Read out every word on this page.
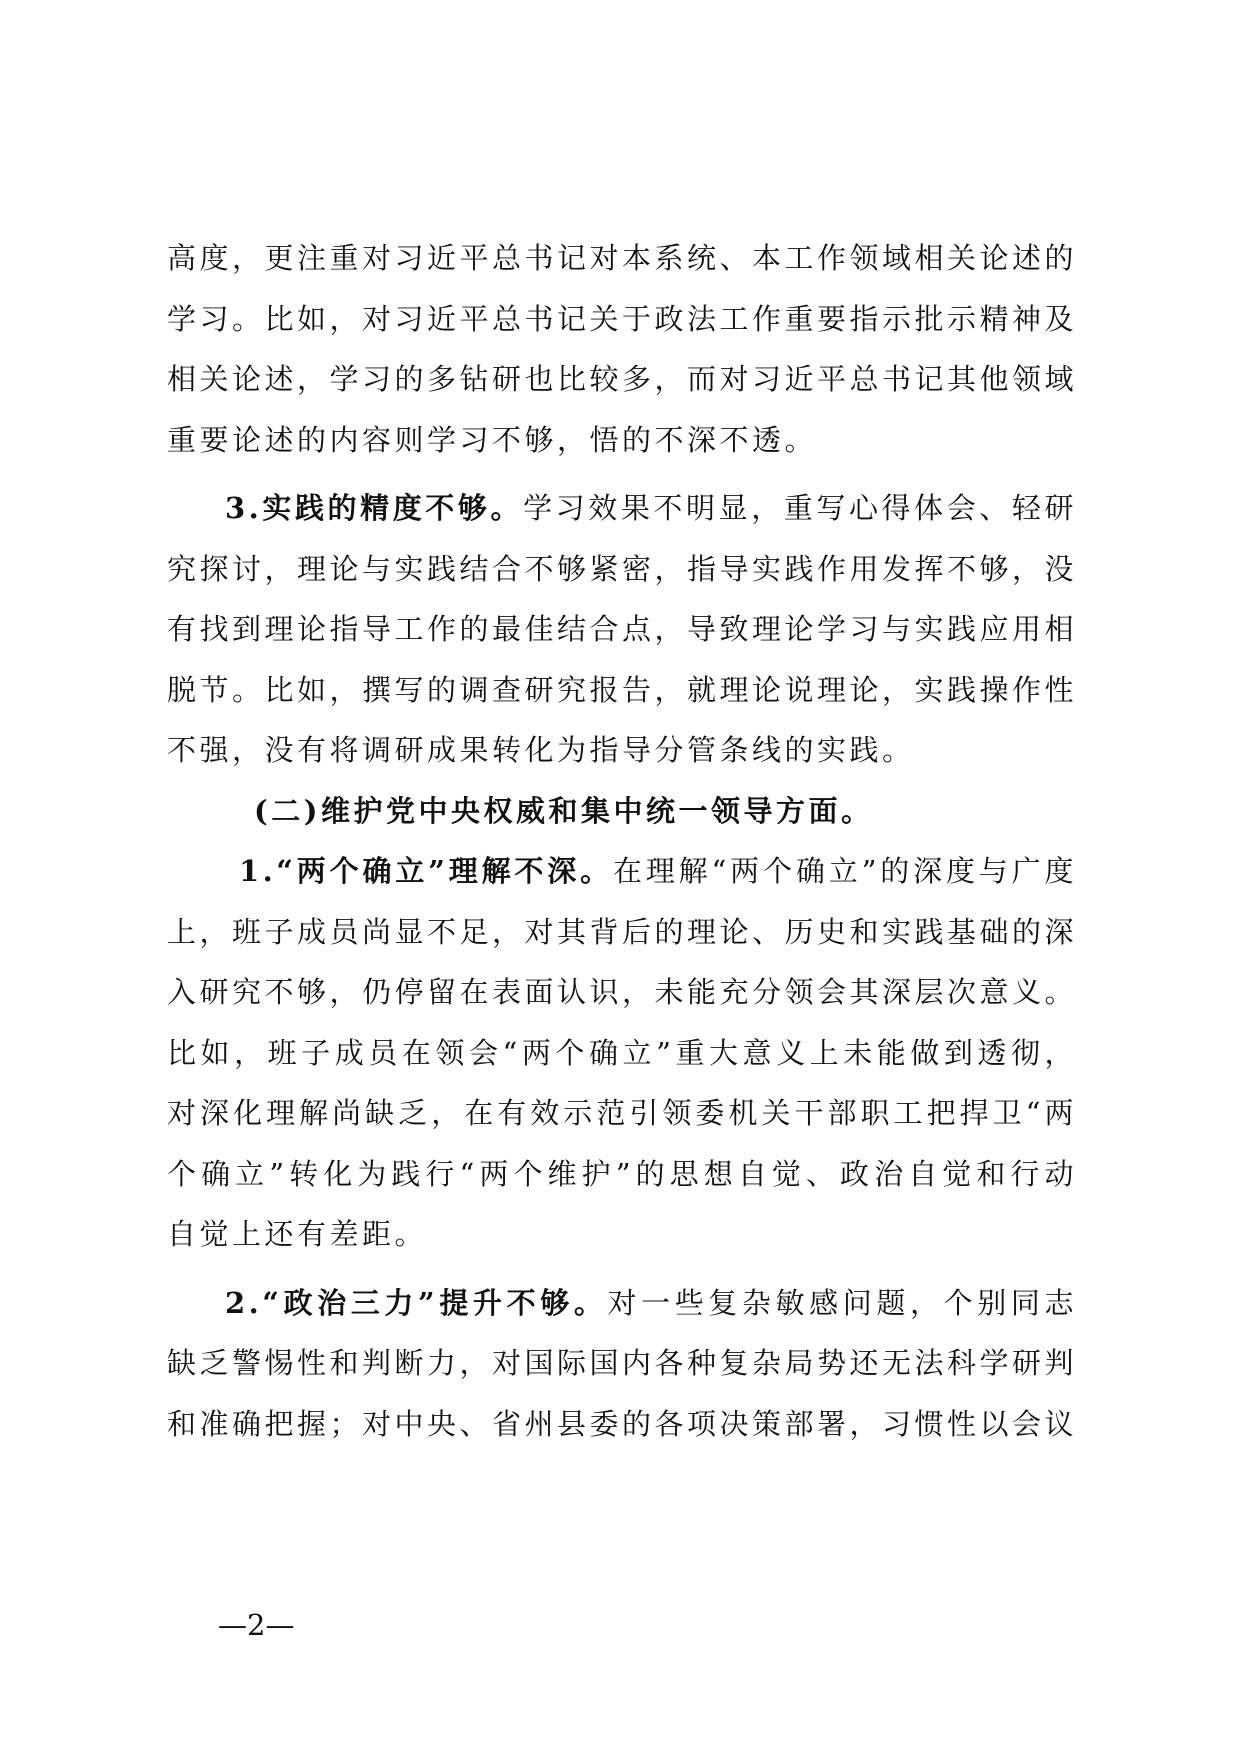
高度，更注重对习近平总书记对本系统、本工作领域相关论述的学习。比如，对习近平总书记关于政法工作重要指示批示精神及相关论述，学习的多钻研也比较多，而对习近平总书记其他领域重要论述的内容则学习不够，悟的不深不透。

3.实践的精度不够。学习效果不明显，重写心得体会、轻研究探讨，理论与实践结合不够紧密，指导实践作用发挥不够，没有找到理论指导工作的最佳结合点，导致理论学习与实践应用相脱节。比如，撰写的调查研究报告，就理论说理论，实践操作性不强，没有将调研成果转化为指导分管条线的实践。

(二)维护党中央权威和集中统一领导方面。

1.“两个确立”理解不深。在理解“两个确立”的深度与广度上，班子成员尚显不足，对其背后的理论、历史和实践基础的深入研究不够，仍停留在表面认识，未能充分领会其深层次意义。比如，班子成员在领会“两个确立”重大意义上未能做到透彻，对深化理解尚缺乏，在有效示范引领委机关干部职工把捍卫“两个确立”转化为践行“两个维护”的思想自觉、政治自觉和行动 自觉上还有差距。

2.“政治三力”提升不够。对一些复杂敏感问题，个别同志缺乏警惕性和判断力，对国际国内各种复杂局势还无法科学研判和准确把握；对中央、省州县委的各项决策部署，习惯性以会议

—2—
